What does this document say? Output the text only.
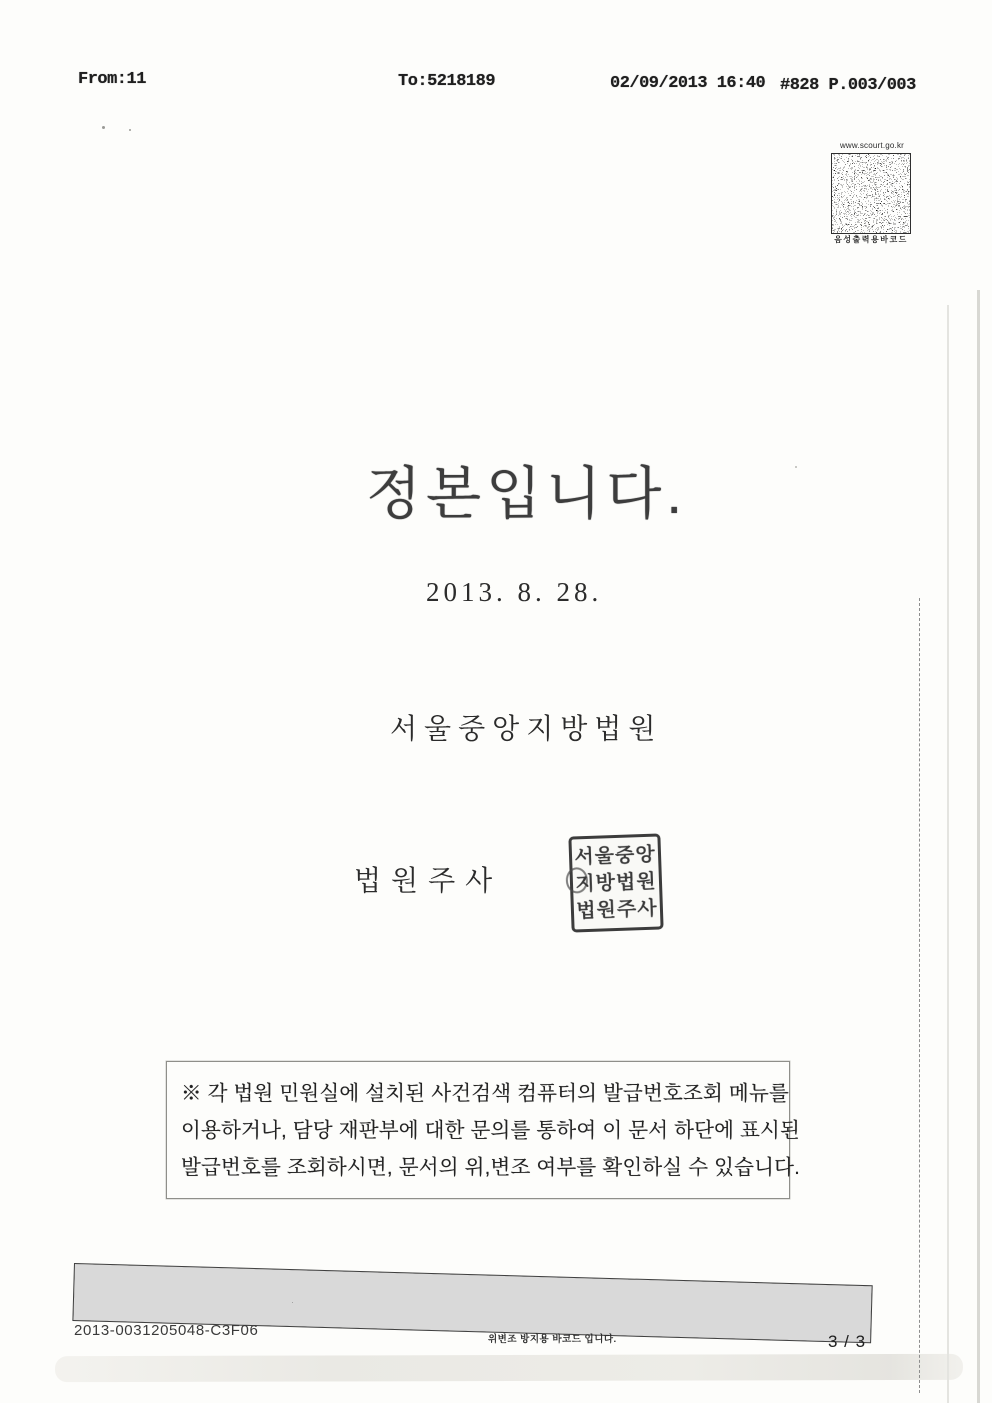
From:11	To:5218189	02/09/2013 16:40 #828 P.003/003
www.scourt.go.kr
음성출력용바코드
정본입니다.
2013. 8. 28.
서울중앙지방법원
법원주사
서울중앙
지방법원
법원주사

※ 각 법원 민원실에 설치된 사건검색 컴퓨터의 발급번호조회 메뉴를

이용하거나, 담당 재판부에 대한 문의를 통하여 이 문서 하단에 표시된

발급번호를 조회하시면, 문서의 위,변조 여부를 확인하실 수 있습니다.

2013-0031205048-C3F06
위변조 방지용 바코드 입니다.	3 / 3
